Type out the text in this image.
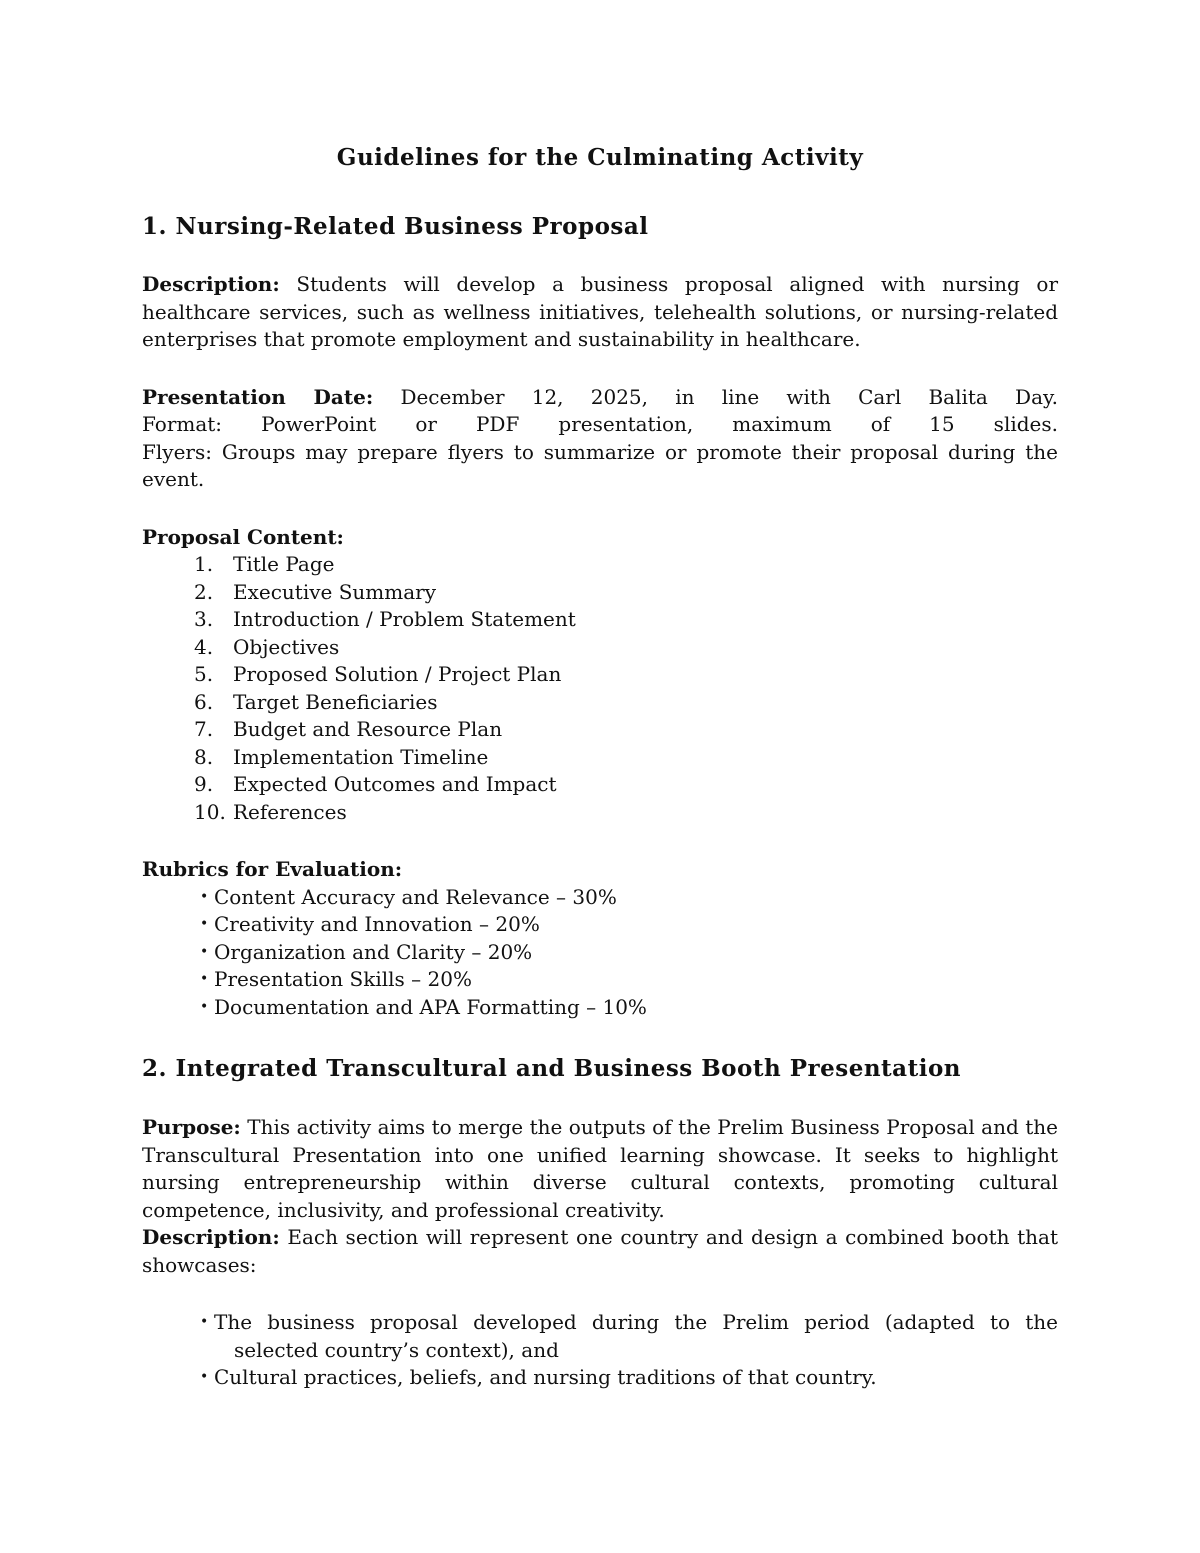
Guidelines for the Culminating Activity
1. Nursing-Related Business Proposal

Description: Students will develop a business proposal aligned with nursing or healthcare services, such as wellness initiatives, telehealth solutions, or nursing-related enterprises that promote employment and sustainability in healthcare.

Presentation Date: December 12, 2025, in line with Carl Balita Day.

Format: PowerPoint or PDF presentation, maximum of 15 slides.

Flyers: Groups may prepare flyers to summarize or promote their proposal during the event.

Proposal Content:

1. Title Page
2. Executive Summary
3. Introduction / Problem Statement
4. Objectives
5. Proposed Solution / Project Plan
6. Target Beneficiaries
7. Budget and Resource Plan
8. Implementation Timeline
9. Expected Outcomes and Impact
10. References

Rubrics for Evaluation:

• Content Accuracy and Relevance – 30%
• Creativity and Innovation – 20%
• Organization and Clarity – 20%
• Presentation Skills – 20%
• Documentation and APA Formatting – 10%
2. Integrated Transcultural and Business Booth Presentation

Purpose: This activity aims to merge the outputs of the Prelim Business Proposal and the Transcultural Presentation into one unified learning showcase. It seeks to highlight nursing entrepreneurship within diverse cultural contexts, promoting cultural competence, inclusivity, and professional creativity.

Description: Each section will represent one country and design a combined booth that showcases:

• The business proposal developed during the Prelim period (adapted to the
selected country’s context), and
• Cultural practices, beliefs, and nursing traditions of that country.
